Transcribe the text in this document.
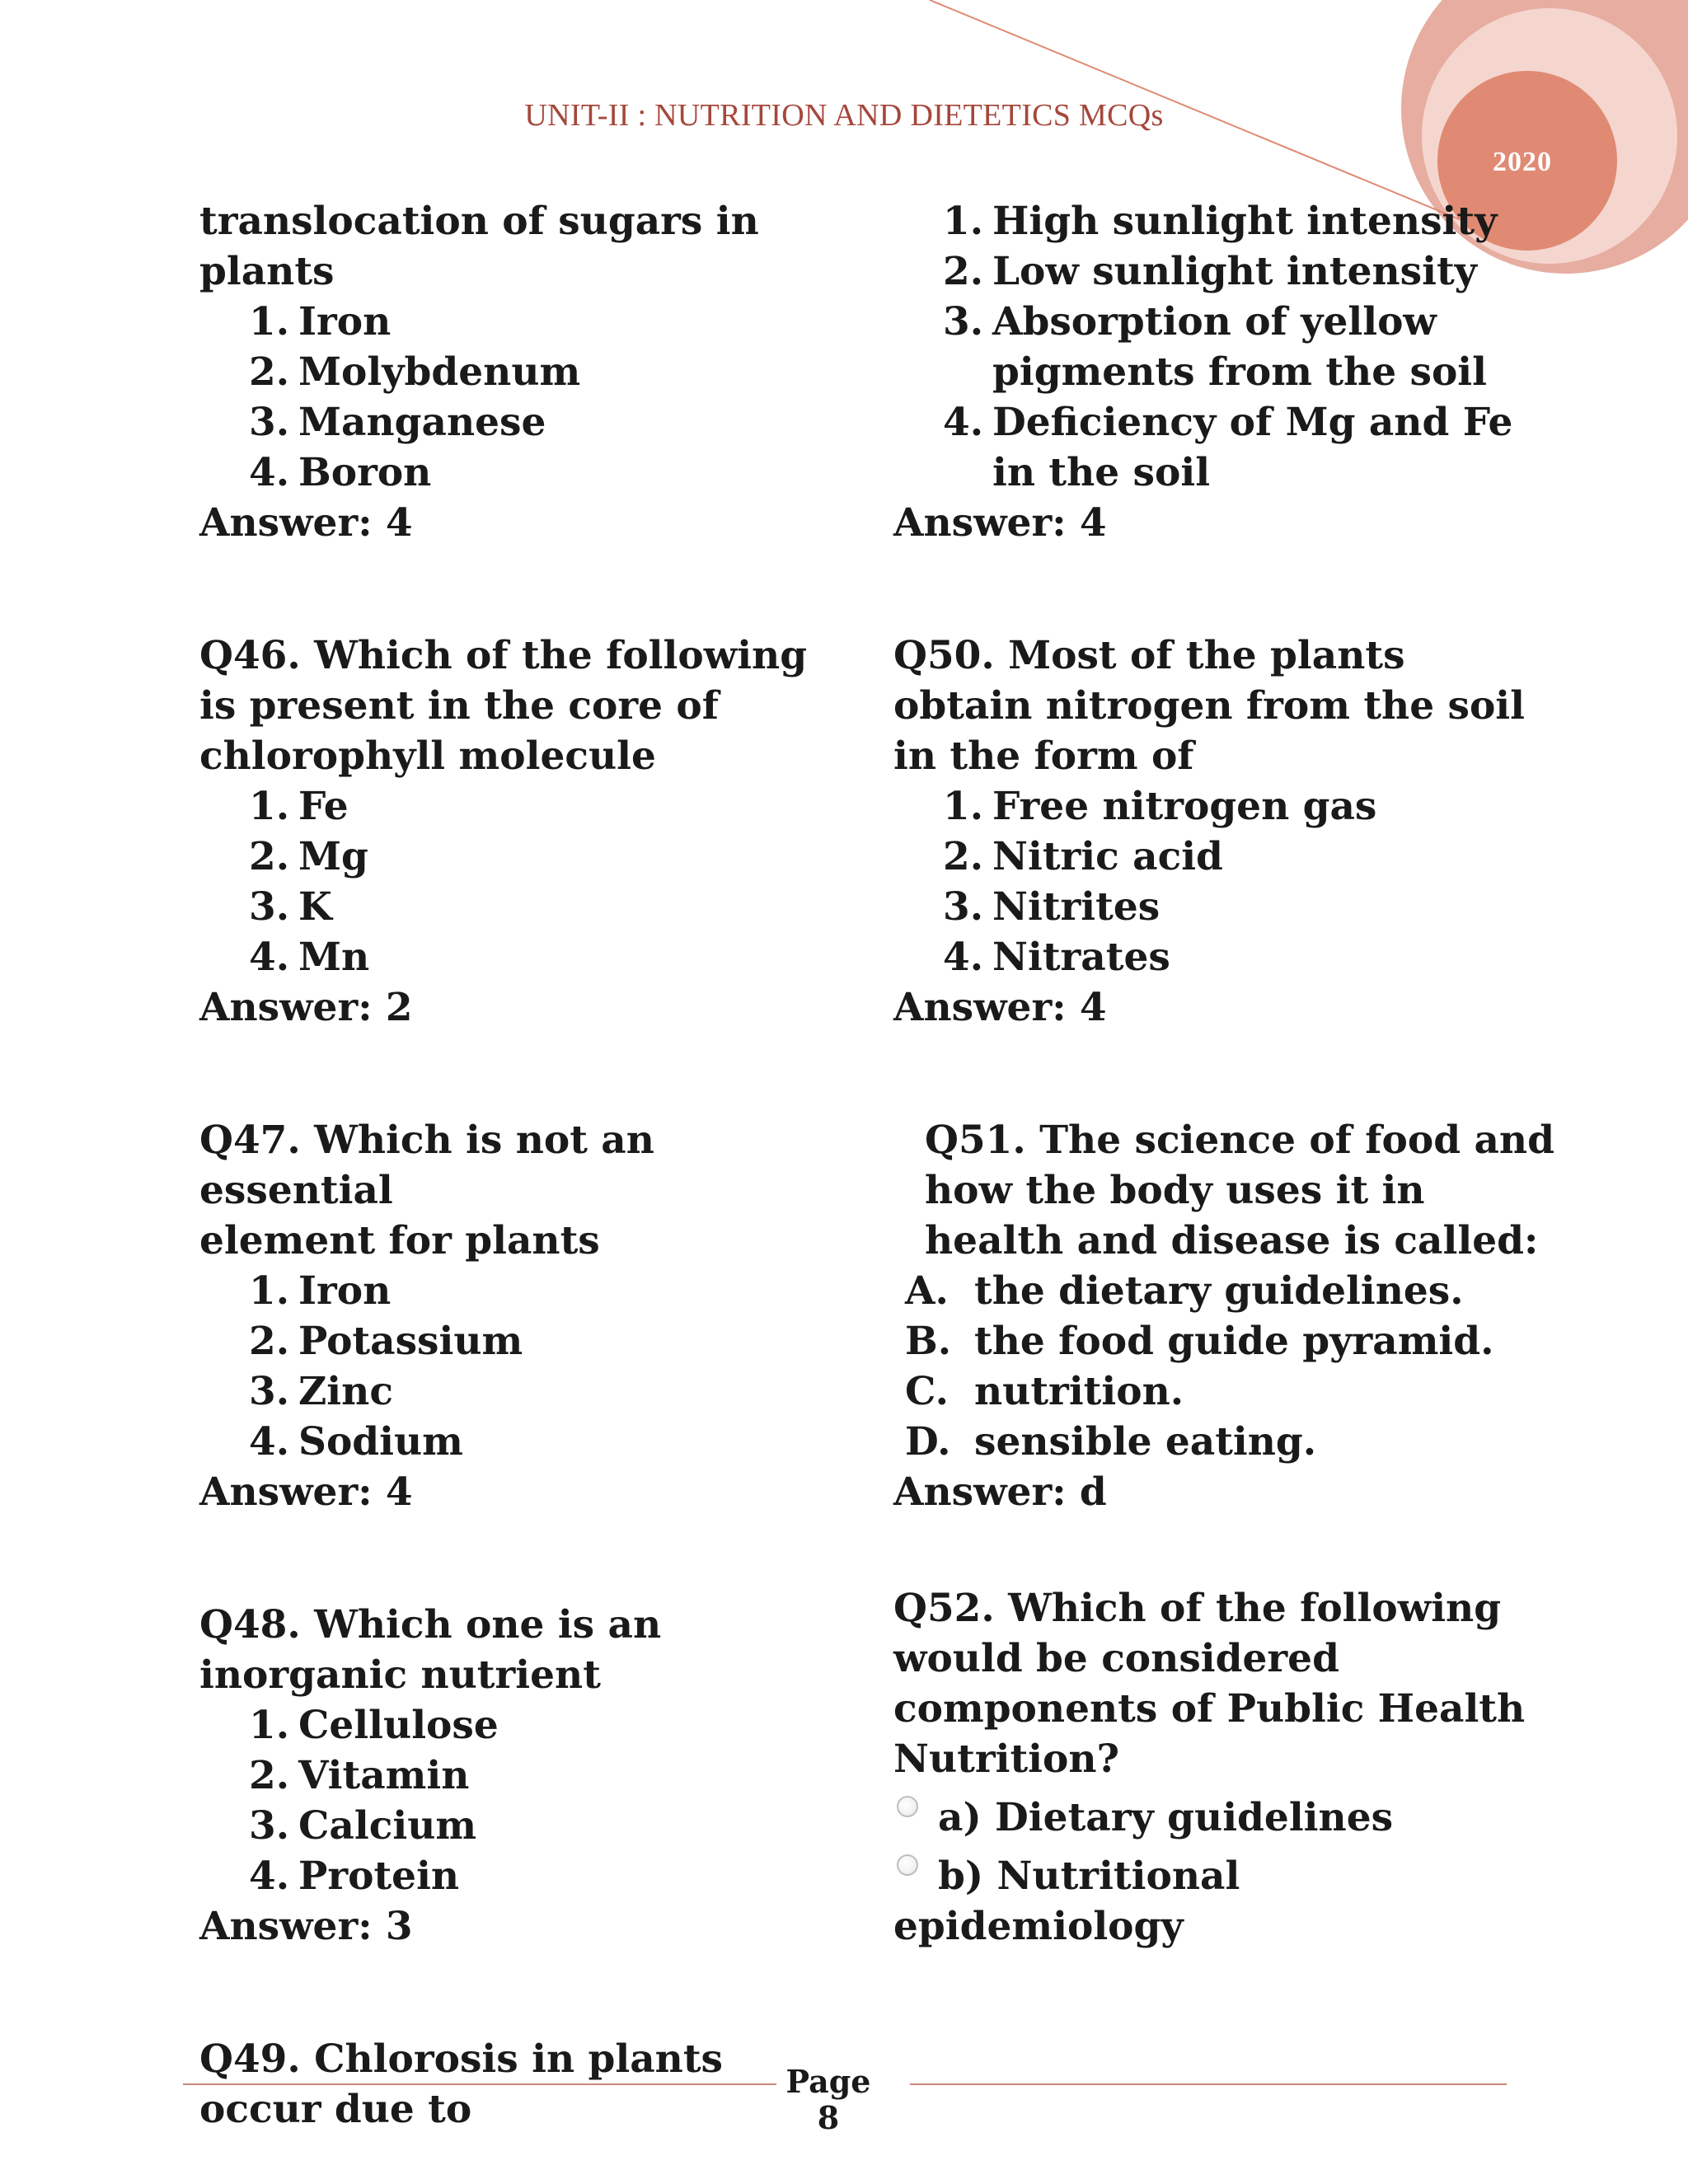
UNIT-II : NUTRITION AND DIETETICS MCQs
2020
translocation of sugars in
plants
1. Iron
2. Molybdenum
3. Manganese
4. Boron
Answer: 4
Q46. Which of the following
is present in the core of
chlorophyll molecule
1. Fe
2. Mg
3. K
4. Mn
Answer: 2
Q47. Which is not an essential
element for plants
1. Iron
2. Potassium
3. Zinc
4. Sodium
Answer: 4
Q48. Which one is an
inorganic nutrient
1. Cellulose
2. Vitamin
3. Calcium
4. Protein
Answer: 3
Q49. Chlorosis in plants
occur due to
1. High sunlight intensity
2. Low sunlight intensity
3. Absorption of yellow
pigments from the soil
4. Deficiency of Mg and Fe
in the soil
Answer: 4
Q50. Most of the plants
obtain nitrogen from the soil
in the form of
1. Free nitrogen gas
2. Nitric acid
3. Nitrites
4. Nitrates
Answer: 4
Q51. The science of food and
how the body uses it in
health and disease is called:
A. the dietary guidelines.
B. the food guide pyramid.
C. nutrition.
D. sensible eating.
Answer: d
Q52. Which of the following
would be considered
components of Public Health
Nutrition?
a) Dietary guidelines
b) Nutritional
epidemiology
Page
8
